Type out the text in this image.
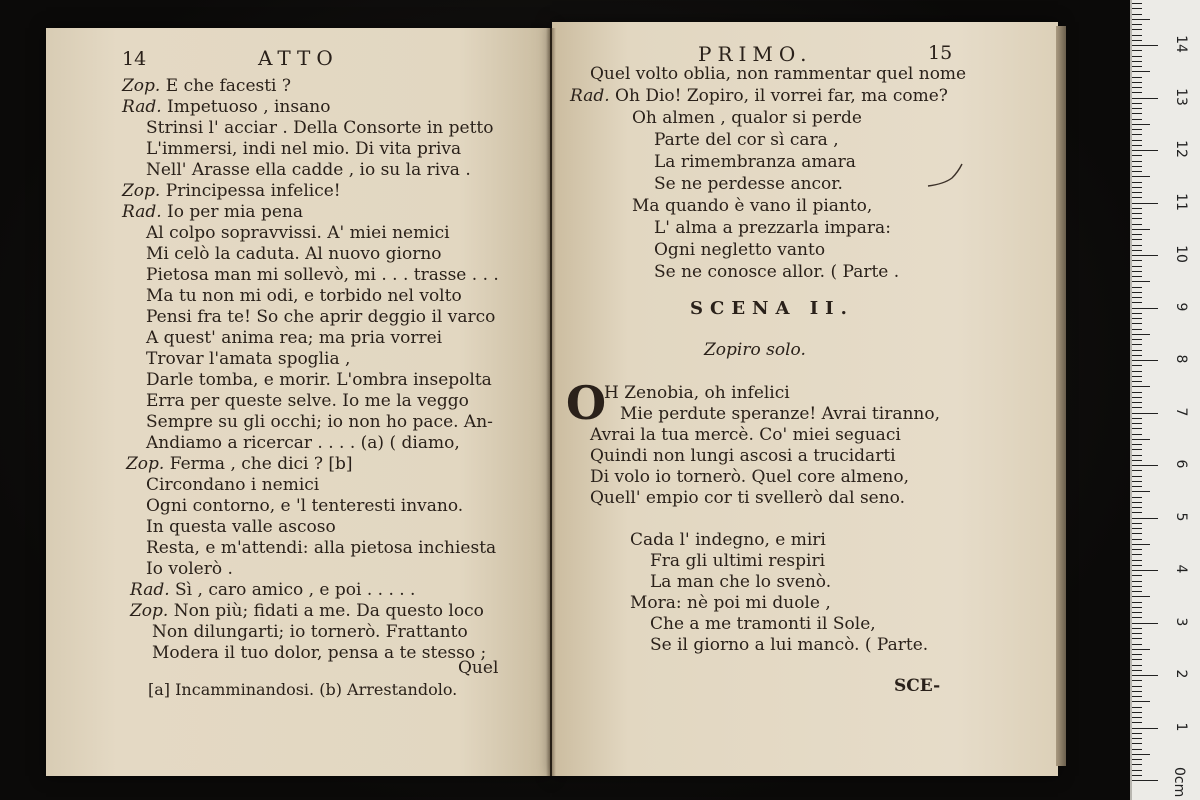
14	ATTO
Zop. E che facesti ?
Rad. Impetuoso , insano
Strinsi l' acciar . Della Consorte in petto
L'immersi, indi nel mio. Di vita priva
Nell' Arasse ella cadde , io su la riva .
Zop. Principessa infelice!
Rad. Io per mia pena
Al colpo sopravvissi. A' miei nemici
Mi celò la caduta. Al nuovo giorno
Pietosa man mi sollevò, mi . . . trasse . . .
Ma tu non mi odi, e torbido nel volto
Pensi fra te! So che aprir deggio il varco
A quest' anima rea; ma pria vorrei
Trovar l'amata spoglia ,
Darle tomba, e morir. L'ombra insepolta
Erra per queste selve. Io me la veggo
Sempre su gli occhi; io non ho pace. An-
Andiamo a ricercar . . . . (a) ( diamo,
Zop. Ferma , che dici ? [b]
Circondano i nemici
Ogni contorno, e 'l tenteresti invano.
In questa valle ascoso
Resta, e m'attendi: alla pietosa inchiesta
Io volerò .
Rad. Sì , caro amico , e poi . . . . .
Zop. Non più; fidati a me. Da questo loco
Non dilungarti; io tornerò. Frattanto
Modera il tuo dolor, pensa a te stesso ;
Quel
[a] Incamminandosi. (b) Arrestandolo.
PRIMO.	15
Quel volto oblia, non rammentar quel nome
Rad. Oh Dio! Zopiro, il vorrei far, ma come?
Oh almen , qualor si perde
Parte del cor sì cara ,
La rimembranza amara
Se ne perdesse ancor.
Ma quando è vano il pianto,
L' alma a prezzarla impara:
Ogni negletto vanto
Se ne conosce allor. ( Parte .
SCENA II.
Zopiro solo.
O
H Zenobia, oh infelici
Mie perdute speranze! Avrai tiranno,
Avrai la tua mercè. Co' miei seguaci
Quindi non lungi ascosi a trucidarti
Di volo io tornerò. Quel core almeno,
Quell' empio cor ti svellerò dal seno.
Cada l' indegno, e miri
Fra gli ultimi respiri
La man che lo svenò.
Mora: nè poi mi duole ,
Che a me tramonti il Sole,
Se il giorno a lui mancò. ( Parte.
SCE-
0cm
1
2
3
4
5
6
7
8
9
10
11
12
13
14
